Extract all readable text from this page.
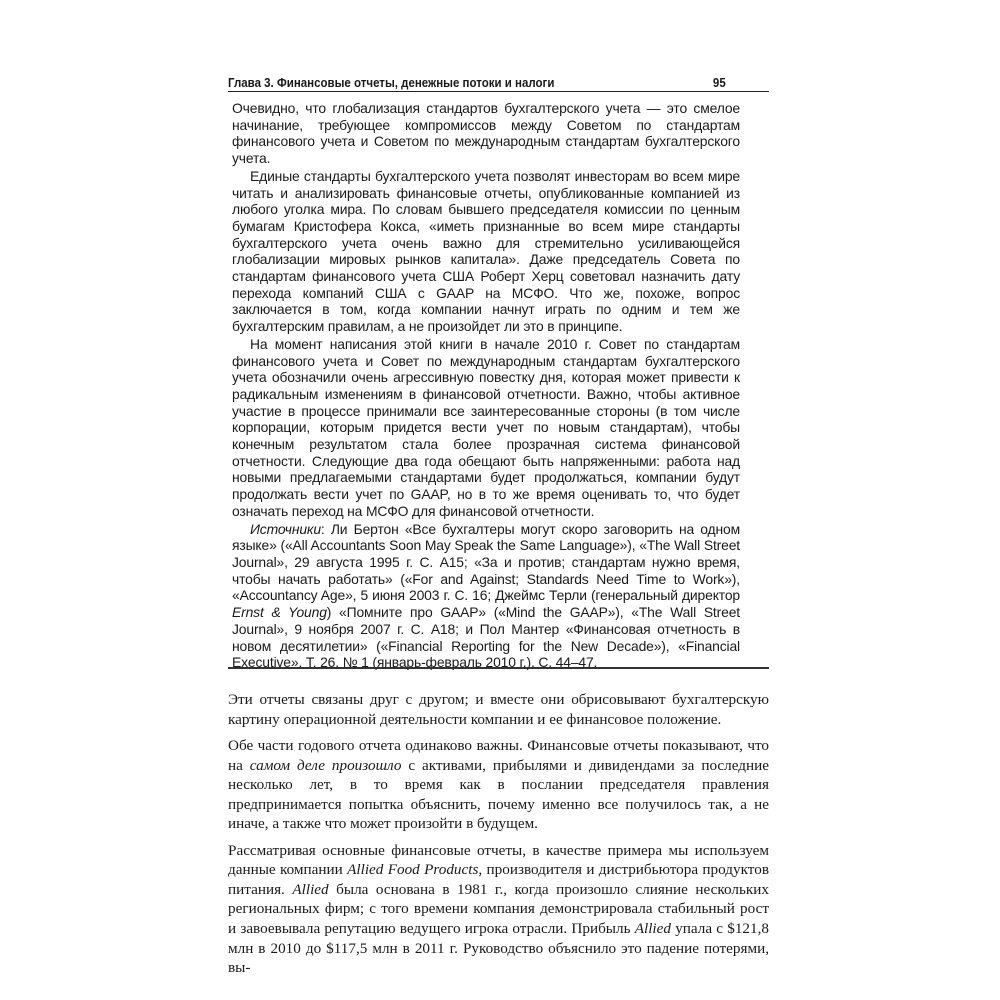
Глава 3. Финансовые отчеты, денежные потоки и налоги	95

Очевидно, что глобализация стандартов бухгалтерского учета — это смелое начинание, требующее компромиссов между Советом по стандартам финансового учета и Советом по международным стандартам бухгалтерского учета.

Единые стандарты бухгалтерского учета позволят инвесторам во всем мире читать и анализировать финансовые отчеты, опубликованные компанией из любого уголка мира. По словам бывшего председателя комиссии по ценным бумагам Кристофера Кокса, «иметь признанные во всем мире стандарты бухгалтерского учета очень важно для стремительно усиливающейся глобализации мировых рынков капитала». Даже председатель Совета по стандартам финансового учета США Роберт Херц советовал назначить дату перехода компаний США с GAAP на МСФО. Что же, похоже, вопрос заключается в том, когда компании начнут играть по одним и тем же бухгалтерским правилам, а не произойдет ли это в принципе.

На момент написания этой книги в начале 2010 г. Совет по стандартам финансового учета и Совет по международным стандартам бухгалтерского учета обозначили очень агрессивную повестку дня, которая может привести к радикальным изменениям в финансовой отчетности. Важно, чтобы активное участие в процессе принимали все заинтересованные стороны (в том числе корпорации, которым придется вести учет по новым стандартам), чтобы конечным результатом стала более прозрачная система финансовой отчетности. Следующие два года обещают быть напряженными: работа над новыми предлагаемыми стандартами будет продолжаться, компании будут продолжать вести учет по GAAP, но в то же время оценивать то, что будет означать переход на МСФО для финансовой отчетности.

Источники: Ли Бертон «Все бухгалтеры могут скоро заговорить на одном языке» («All Accountants Soon May Speak the Same Language»), «The Wall Street Journal», 29 августа 1995 г. С. A15; «За и против; стандартам нужно время, чтобы начать работать» («For and Against; Standards Need Time to Work»), «Accountancy Age», 5 июня 2003 г. С. 16; Джеймс Терли (генеральный директор Ernst & Young) «Помните про GAAP» («Mind the GAAP»), «The Wall Street Journal», 9 ноября 2007 г. С. A18; и Пол Мантер «Финансовая отчетность в новом десятилетии» («Financial Reporting for the New Decade»), «Financial Executive». Т. 26, № 1 (январь-февраль 2010 г.). С. 44–47.

Эти отчеты связаны друг с другом; и вместе они обрисовывают бухгалтерскую картину операционной деятельности компании и ее финансовое положение.

Обе части годового отчета одинаково важны. Финансовые отчеты показывают, что на самом деле произошло с активами, прибылями и дивидендами за последние несколько лет, в то время как в послании председателя правления предпринимается попытка объяснить, почему именно все получилось так, а не иначе, а также что может произойти в будущем.

Рассматривая основные финансовые отчеты, в качестве примера мы используем данные компании Allied Food Products, производителя и дистрибьютора продуктов питания. Allied была основана в 1981 г., когда произошло слияние нескольких региональных фирм; с того времени компания демонстрировала стабильный рост и завоевывала репутацию ведущего игрока отрасли. Прибыль Allied упала с $121,8 млн в 2010 до $117,5 млн в 2011 г. Руководство объяснило это падение потерями, вы-
